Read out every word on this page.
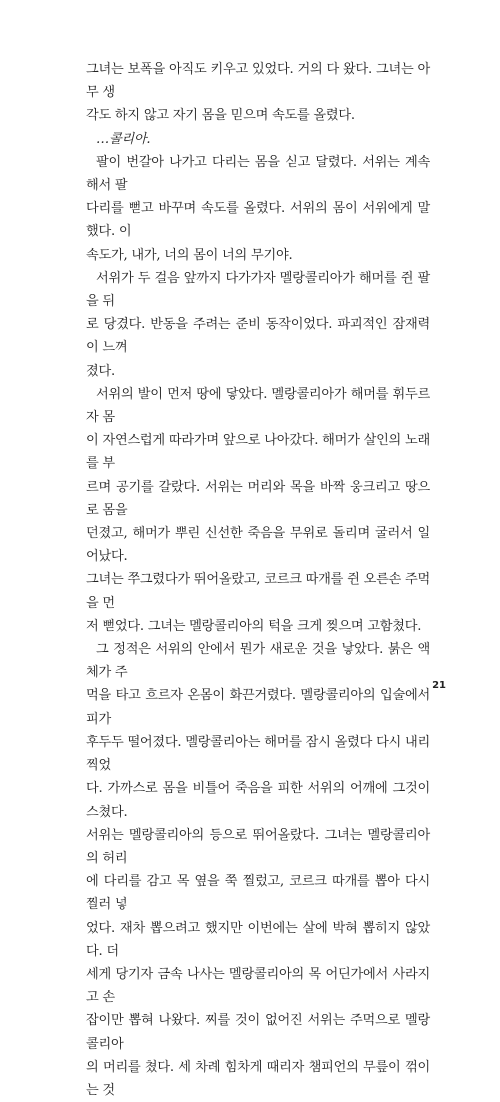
그녀는 보폭을 아직도 키우고 있었다. 거의 다 왔다. 그녀는 아무 생
각도 하지 않고 자기 몸을 믿으며 속도를 올렸다.

…콜리아.

팔이 번갈아 나가고 다리는 몸을 싣고 달렸다. 서위는 계속해서 팔
다리를 뻗고 바꾸며 속도를 올렸다. 서위의 몸이 서위에게 말했다. 이
속도가, 내가, 너의 몸이 너의 무기야.

서위가 두 걸음 앞까지 다가가자 멜랑콜리아가 해머를 쥔 팔을 뒤
로 당겼다. 반동을 주려는 준비 동작이었다. 파괴적인 잠재력이 느껴
졌다.

서위의 발이 먼저 땅에 닿았다. 멜랑콜리아가 해머를 휘두르자 몸
이 자연스럽게 따라가며 앞으로 나아갔다. 해머가 살인의 노래를 부
르며 공기를 갈랐다. 서위는 머리와 목을 바짝 웅크리고 땅으로 몸을
던졌고, 해머가 뿌린 신선한 죽음을 무위로 돌리며 굴러서 일어났다.
그녀는 쭈그렸다가 뛰어올랐고, 코르크 따개를 쥔 오른손 주먹을 먼
저 뻗었다. 그녀는 멜랑콜리아의 턱을 크게 찢으며 고함쳤다.

그 정적은 서위의 안에서 뭔가 새로운 것을 낳았다. 붉은 액체가 주
먹을 타고 흐르자 온몸이 화끈거렸다. 멜랑콜리아의 입술에서 피가
후두두 떨어졌다. 멜랑콜리아는 해머를 잠시 올렸다 다시 내리찍었
다. 가까스로 몸을 비틀어 죽음을 피한 서위의 어깨에 그것이 스쳤다.
서위는 멜랑콜리아의 등으로 뛰어올랐다. 그녀는 멜랑콜리아의 허리
에 다리를 감고 목 옆을 쭉 찔렀고, 코르크 따개를 뽑아 다시 찔러 넣
었다. 재차 뽑으려고 했지만 이번에는 살에 박혀 뽑히지 않았다. 더
세게 당기자 금속 나사는 멜랑콜리아의 목 어딘가에서 사라지고 손
잡이만 뽑혀 나왔다. 찌를 것이 없어진 서위는 주먹으로 멜랑콜리아
의 머리를 쳤다. 세 차례 힘차게 때리자 챔피언의 무릎이 꺾이는 것

21
